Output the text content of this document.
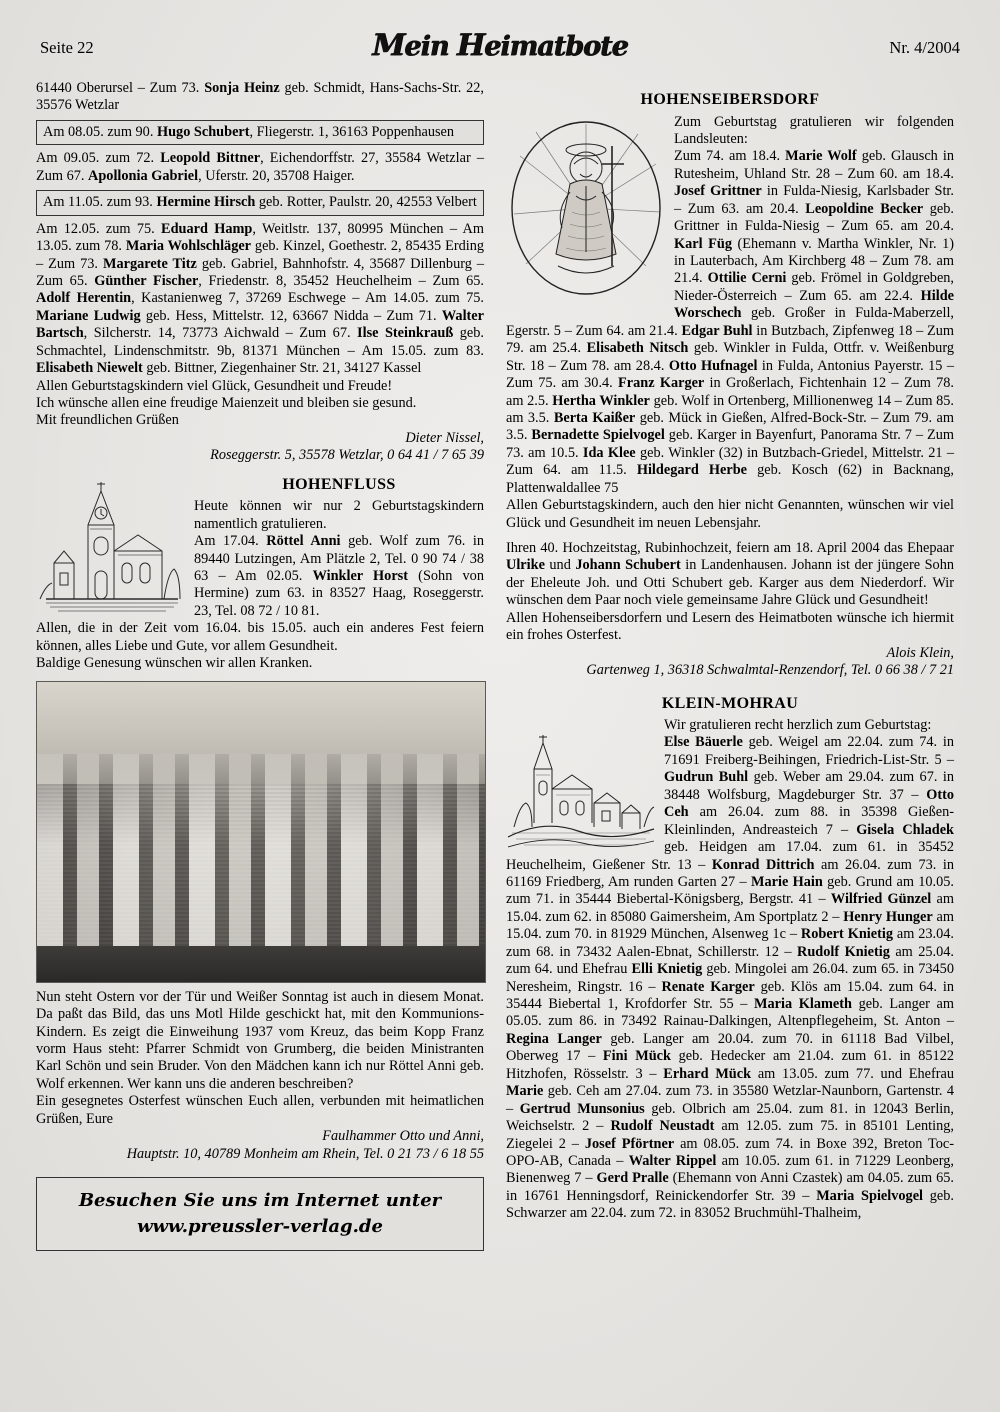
Seite 22	Mein Heimatbote	Nr. 4/2004

61440 Oberursel – Zum 73. Sonja Heinz geb. Schmidt, Hans-Sachs-Str. 22, 35576 Wetzlar

Am 08.05. zum 90. Hugo Schubert, Fliegerstr. 1, 36163 Poppenhausen

Am 09.05. zum 72. Leopold Bittner, Eichendorffstr. 27, 35584 Wetzlar – Zum 67. Apollonia Gabriel, Uferstr. 20, 35708 Haiger.

Am 11.05. zum 93. Hermine Hirsch geb. Rotter, Paulstr. 20, 42553 Velbert

Am 12.05. zum 75. Eduard Hamp, Weitlstr. 137, 80995 München – Am 13.05. zum 78. Maria Wohlschläger geb. Kinzel, Goethestr. 2, 85435 Erding – Zum 73. Margarete Titz geb. Gabriel, Bahnhofstr. 4, 35687 Dillenburg – Zum 65. Günther Fischer, Friedenstr. 8, 35452 Heuchelheim – Zum 65. Adolf Herentin, Kastanienweg 7, 37269 Eschwege – Am 14.05. zum 75. Mariane Ludwig geb. Hess, Mittelstr. 12, 63667 Nidda – Zum 71. Walter Bartsch, Silcherstr. 14, 73773 Aichwald – Zum 67. Ilse Steinkrauß geb. Schmachtel, Lindenschmitstr. 9b, 81371 München – Am 15.05. zum 83. Elisabeth Niewelt geb. Bittner, Ziegenhainer Str. 21, 34127 Kassel

Allen Geburtstagskindern viel Glück, Gesundheit und Freude!

Ich wünsche allen eine freudige Maienzeit und bleiben sie gesund.

Mit freundlichen Grüßen

Dieter Nissel,

Roseggerstr. 5, 35578 Wetzlar, 0 64 41 / 7 65 39

HOHENFLUSS

Heute können wir nur 2 Geburtstagskindern namentlich gratulieren.

Am 17.04. Röttel Anni geb. Wolf zum 76. in 89440 Lutzingen, Am Plätzle 2, Tel. 0 90 74 / 38 63 – Am 02.05. Winkler Horst (Sohn von Hermine) zum 63. in 83527 Haag, Roseggerstr. 23, Tel. 08 72 / 10 81.

Allen, die in der Zeit vom 16.04. bis 15.05. auch ein anderes Fest feiern können, alles Liebe und Gute, vor allem Gesundheit.

Baldige Genesung wünschen wir allen Kranken.

Nun steht Ostern vor der Tür und Weißer Sonntag ist auch in diesem Monat. Da paßt das Bild, das uns Motl Hilde geschickt hat, mit den Kommunions-Kindern. Es zeigt die Einweihung 1937 vom Kreuz, das beim Kopp Franz vorm Haus steht: Pfarrer Schmidt von Grumberg, die beiden Ministranten Karl Schön und sein Bruder. Von den Mädchen kann ich nur Röttel Anni geb. Wolf erkennen. Wer kann uns die anderen beschreiben?

Ein gesegnetes Osterfest wünschen Euch allen, verbunden mit heimatlichen Grüßen, Eure

Faulhammer Otto und Anni,

Hauptstr. 10, 40789 Monheim am Rhein, Tel. 0 21 73 / 6 18 55

Besuchen Sie uns im Internet unter
www.preussler-verlag.de
HOHENSEIBERSDORF

Zum Geburtstag gratulieren wir folgenden Landsleuten:

Zum 74. am 18.4. Marie Wolf geb. Glausch in Rutesheim, Uhland Str. 28 – Zum 60. am 18.4. Josef Grittner in Fulda-Niesig, Karlsbader Str. – Zum 63. am 20.4. Leopoldine Becker geb. Grittner in Fulda-Niesig – Zum 65. am 20.4. Karl Füg (Ehemann v. Martha Winkler, Nr. 1) in Lauterbach, Am Kirchberg 48 – Zum 78. am 21.4. Ottilie Cerni geb. Frömel in Goldgreben, Nieder-Österreich – Zum 65. am 22.4. Hilde Worschech geb. Großer in Fulda-Maberzell, Egerstr. 5 – Zum 64. am 21.4. Edgar Buhl in Butzbach, Zipfenweg 18 – Zum 79. am 25.4. Elisabeth Nitsch geb. Winkler in Fulda, Ottfr. v. Weißenburg Str. 18 – Zum 78. am 28.4. Otto Hufnagel in Fulda, Antonius Payerstr. 15 – Zum 75. am 30.4. Franz Karger in Großerlach, Fichtenhain 12 – Zum 78. am 2.5. Hertha Winkler geb. Wolf in Ortenberg, Millionenweg 14 – Zum 85. am 3.5. Berta Kaißer geb. Mück in Gießen, Alfred-Bock-Str. – Zum 79. am 3.5. Bernadette Spielvogel geb. Karger in Bayenfurt, Panorama Str. 7 – Zum 73. am 10.5. Ida Klee geb. Winkler (32) in Butzbach-Griedel, Mittelstr. 21 – Zum 64. am 11.5. Hildegard Herbe geb. Kosch (62) in Backnang, Plattenwaldallee 75

Allen Geburtstagskindern, auch den hier nicht Genannten, wünschen wir viel Glück und Gesundheit im neuen Lebensjahr.

Ihren 40. Hochzeitstag, Rubinhochzeit, feiern am 18. April 2004 das Ehepaar Ulrike und Johann Schubert in Landenhausen. Johann ist der jüngere Sohn der Eheleute Joh. und Otti Schubert geb. Karger aus dem Niederdorf. Wir wünschen dem Paar noch viele gemeinsame Jahre Glück und Gesundheit!

Allen Hohenseibersdorfern und Lesern des Heimatboten wünsche ich hiermit ein frohes Osterfest.

Alois Klein,

Gartenweg 1, 36318 Schwalmtal-Renzendorf, Tel. 0 66 38 / 7 21

KLEIN-MOHRAU

Wir gratulieren recht herzlich zum Geburtstag:

Else Bäuerle geb. Weigel am 22.04. zum 74. in 71691 Freiberg-Beihingen, Friedrich-List-Str. 5 – Gudrun Buhl geb. Weber am 29.04. zum 67. in 38448 Wolfsburg, Magdeburger Str. 37 – Otto Ceh am 26.04. zum 88. in 35398 Gießen-Kleinlinden, Andreasteich 7 – Gisela Chladek geb. Heidgen am 17.04. zum 61. in 35452 Heuchelheim, Gießener Str. 13 – Konrad Dittrich am 26.04. zum 73. in 61169 Friedberg, Am runden Garten 27 – Marie Hain geb. Grund am 10.05. zum 71. in 35444 Biebertal-Königsberg, Bergstr. 41 – Wilfried Günzel am 15.04. zum 62. in 85080 Gaimersheim, Am Sportplatz 2 – Henry Hunger am 15.04. zum 70. in 81929 München, Alsenweg 1c – Robert Knietig am 23.04. zum 68. in 73432 Aalen-Ebnat, Schillerstr. 12 – Rudolf Knietig am 25.04. zum 64. und Ehefrau Elli Knietig geb. Mingolei am 26.04. zum 65. in 73450 Neresheim, Ringstr. 16 – Renate Karger geb. Klös am 15.04. zum 64. in 35444 Biebertal 1, Krofdorfer Str. 55 – Maria Klameth geb. Langer am 05.05. zum 86. in 73492 Rainau-Dalkingen, Altenpflegeheim, St. Anton – Regina Langer geb. Langer am 20.04. zum 70. in 61118 Bad Vilbel, Oberweg 17 – Fini Mück geb. Hedecker am 21.04. zum 61. in 85122 Hitzhofen, Rösselstr. 3 – Erhard Mück am 13.05. zum 77. und Ehefrau Marie geb. Ceh am 27.04. zum 73. in 35580 Wetzlar-Naunborn, Gartenstr. 4 – Gertrud Munsonius geb. Olbrich am 25.04. zum 81. in 12043 Berlin, Weichselstr. 2 – Rudolf Neustadt am 12.05. zum 75. in 85101 Lenting, Ziegelei 2 – Josef Pförtner am 08.05. zum 74. in Boxe 392, Breton Toc-OPO-AB, Canada – Walter Rippel am 10.05. zum 61. in 71229 Leonberg, Bienenweg 7 – Gerd Pralle (Ehemann von Anni Czastek) am 04.05. zum 65. in 16761 Henningsdorf, Reinickendorfer Str. 39 – Maria Spielvogel geb. Schwarzer am 22.04. zum 72. in 83052 Bruchmühl-Thalheim,
